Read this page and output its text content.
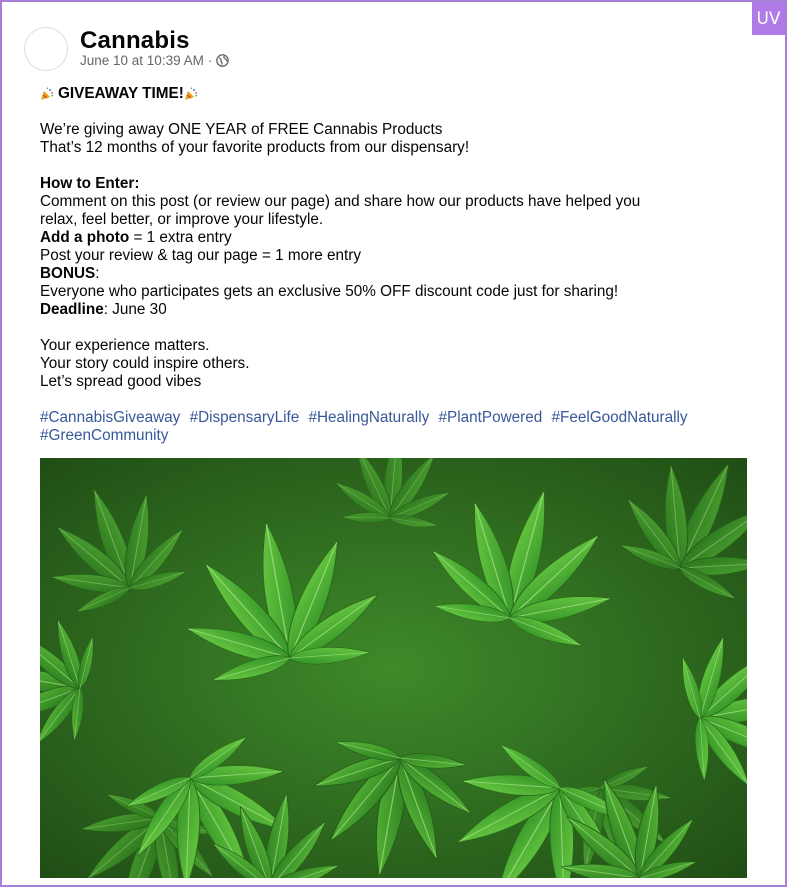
UV
Cannabis
June 10 at 10:39 AM ·
GIVEAWAY TIME!
We’re giving away ONE YEAR of FREE Cannabis Products
That’s 12 months of your favorite products from our dispensary!
How to Enter:
Comment on this post (or review our page) and share how our products have helped you
relax, feel better, or improve your lifestyle.
Add a photo = 1 extra entry
Post your review & tag our page = 1 more entry
BONUS:
Everyone who participates gets an exclusive 50% OFF discount code just for sharing!
Deadline: June 30
Your experience matters.
Your story could inspire others.
Let’s spread good vibes
#CannabisGiveaway #DispensaryLife #HealingNaturally #PlantPowered #FeelGoodNaturally #GreenCommunity
